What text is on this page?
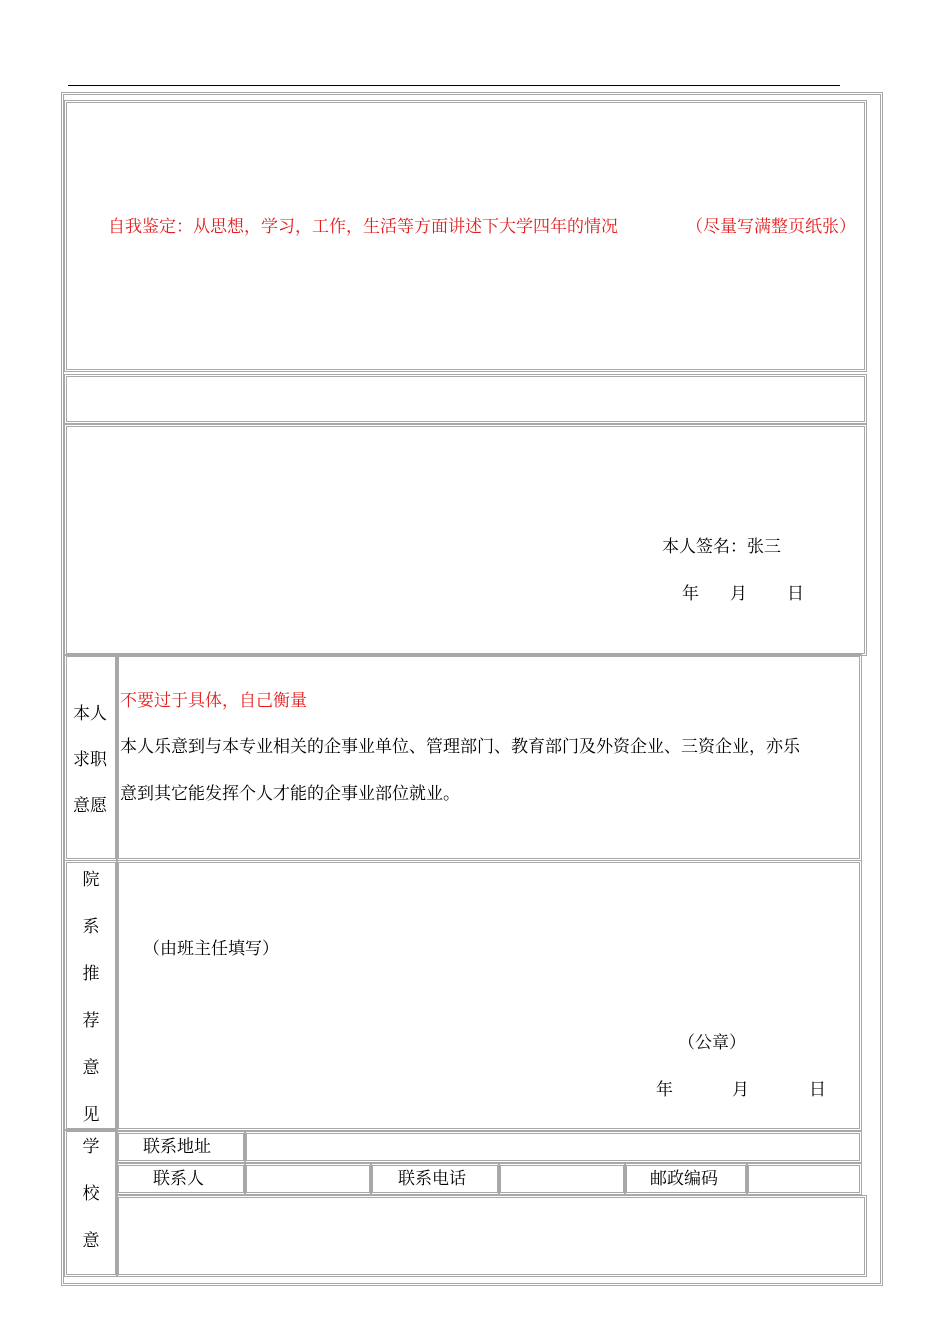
自我鉴定：从思想，学习，工作，生活等方面讲述下大学四年的情况	（尽量写满整页纸张）
本人签名：张三
年 月 日
本人
求职
意愿
不要过于具体，自己衡量
本人乐意到与本专业相关的企事业单位、管理部门、教育部门及外资企业、三资企业，亦乐
意到其它能发挥个人才能的企事业部位就业。
院
系
推
荐
意
见
（由班主任填写）
（公章）
年	月	日
学
校
意
联系地址
联系人	联系电话	邮政编码
